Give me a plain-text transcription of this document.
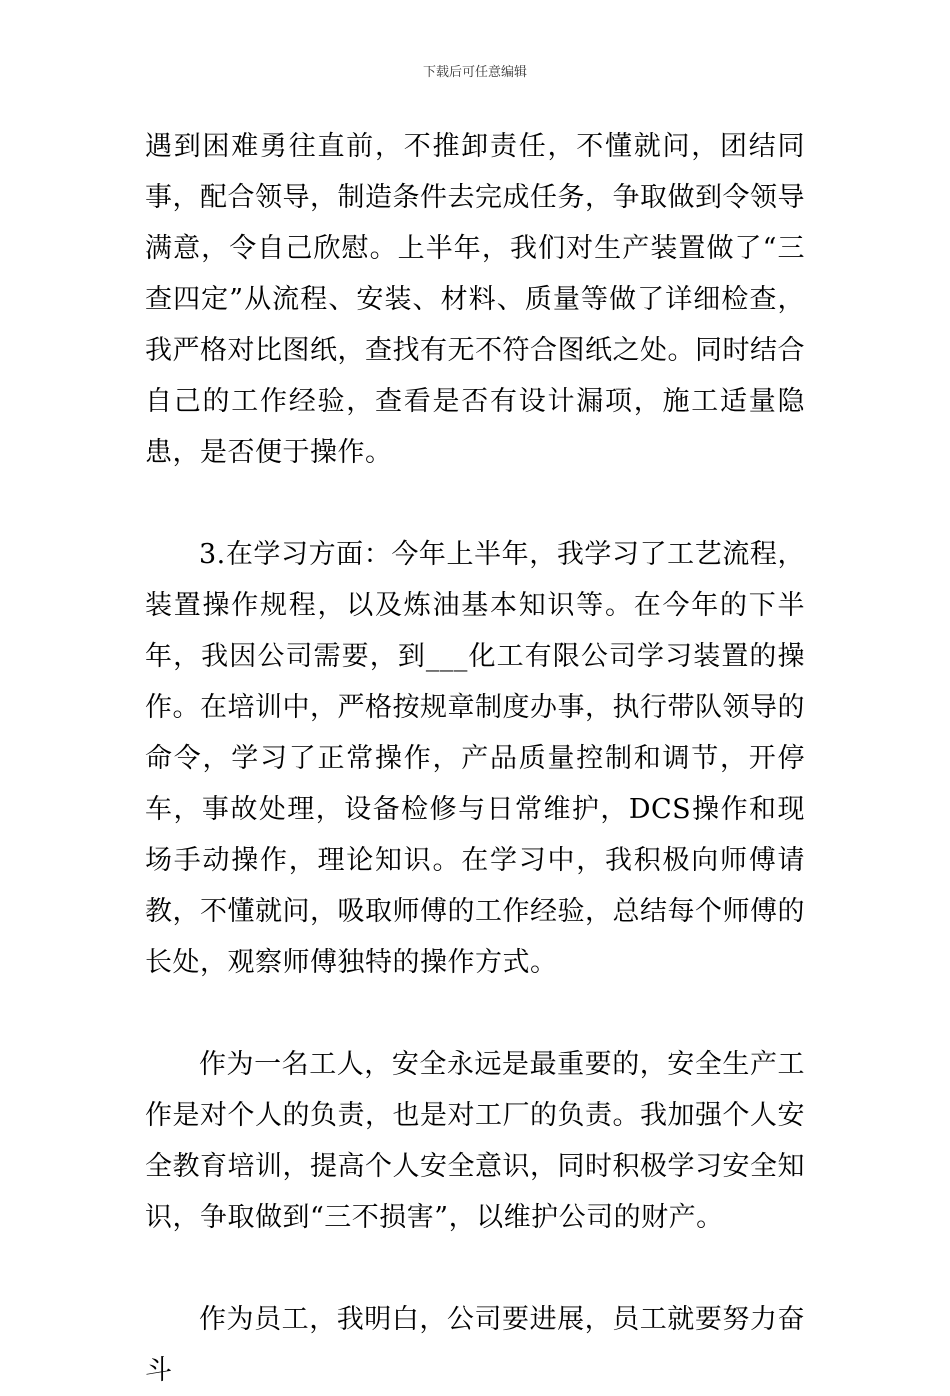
下载后可任意编辑

遇到困难勇往直前，不推卸责任，不懂就问，团结同事，配合领导，制造条件去完成任务，争取做到令领导满意，令自己欣慰。上半年，我们对生产装置做了“三查四定”从流程、安装、材料、质量等做了详细检查，我严格对比图纸，查找有无不符合图纸之处。同时结合自己的工作经验，查看是否有设计漏项，施工适量隐患，是否便于操作。

3.在学习方面：今年上半年，我学习了工艺流程，装置操作规程，以及炼油基本知识等。在今年的下半年，我因公司需要，到___化工有限公司学习装置的操作。在培训中，严格按规章制度办事，执行带队领导的命令，学习了正常操作，产品质量控制和调节，开停车，事故处理，设备检修与日常维护，DCS操作和现场手动操作，理论知识。在学习中，我积极向师傅请教，不懂就问，吸取师傅的工作经验，总结每个师傅的长处，观察师傅独特的操作方式。

作为一名工人，安全永远是最重要的，安全生产工作是对个人的负责，也是对工厂的负责。我加强个人安全教育培训，提高个人安全意识，同时积极学习安全知识，争取做到“三不损害”，以维护公司的财产。

作为员工，我明白，公司要进展，员工就要努力奋斗
